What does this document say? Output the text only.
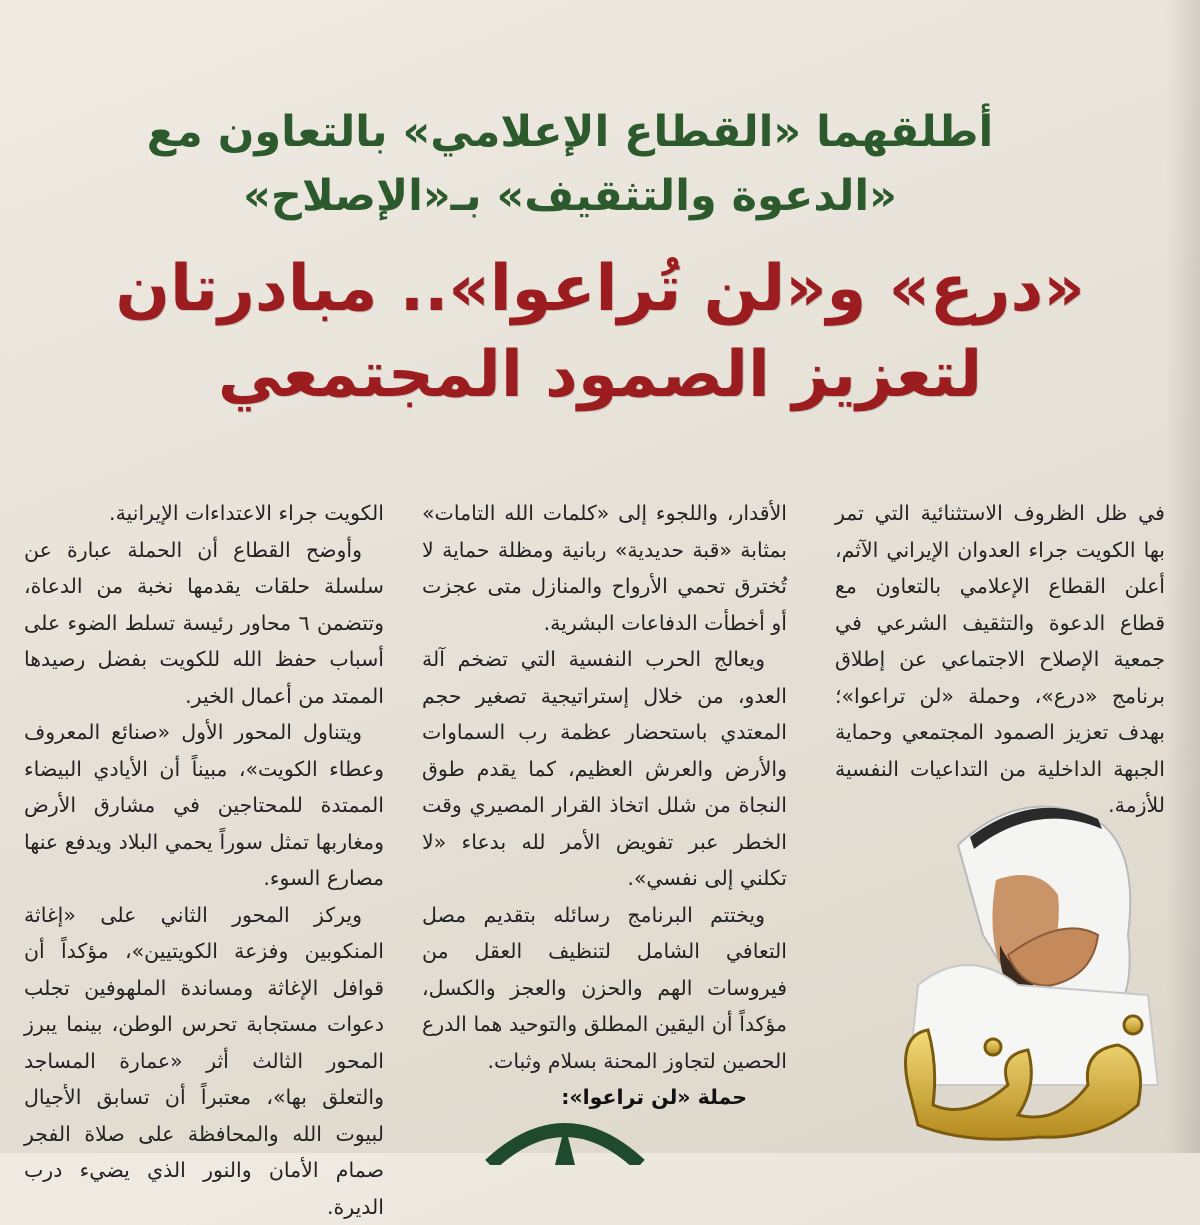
أطلقهما «القطاع الإعلامي» بالتعاون مع «الدعوة والتثقيف» بـ«الإصلاح»
«درع» و«لن تُراعوا».. مبادرتان لتعزيز الصمود المجتمعي

في ظل الظروف الاستثنائية التي تمر بها الكويت جراء العدوان الإيراني الآثم، أعلن القطاع الإعلامي بالتعاون مع قطاع الدعوة والتثقيف الشرعي في جمعية الإصلاح الاجتماعي عن إطلاق برنامج «درع»، وحملة «لن تراعوا»؛ بهدف تعزيز الصمود المجتمعي وحماية الجبهة الداخلية من التداعيات النفسية للأزمة.

الأقدار، واللجوء إلى «كلمات الله التامات» بمثابة «قبة حديدية» ربانية ومظلة حماية لا تُخترق تحمي الأرواح والمنازل متى عجزت أو أخطأت الدفاعات البشرية.

ويعالج الحرب النفسية التي تضخم آلة العدو، من خلال إستراتيجية تصغير حجم المعتدي باستحضار عظمة رب السماوات والأرض والعرش العظيم، كما يقدم طوق النجاة من شلل اتخاذ القرار المصيري وقت الخطر عبر تفويض الأمر لله بدعاء «لا تكلني إلى نفسي».

ويختتم البرنامج رسائله بتقديم مصل التعافي الشامل لتنظيف العقل من فيروسات الهم والحزن والعجز والكسل، مؤكداً أن اليقين المطلق والتوحيد هما الدرع الحصين لتجاوز المحنة بسلام وثبات.

حملة «لن تراعوا»:

الكويت جراء الاعتداءات الإيرانية.

وأوضح القطاع أن الحملة عبارة عن سلسلة حلقات يقدمها نخبة من الدعاة، وتتضمن ٦ محاور رئيسة تسلط الضوء على أسباب حفظ الله للكويت بفضل رصيدها الممتد من أعمال الخير.

ويتناول المحور الأول «صنائع المعروف وعطاء الكويت»، مبيناً أن الأيادي البيضاء الممتدة للمحتاجين في مشارق الأرض ومغاربها تمثل سوراً يحمي البلاد ويدفع عنها مصارع السوء.

ويركز المحور الثاني على «إغاثة المنكوبين وفزعة الكويتيين»، مؤكداً أن قوافل الإغاثة ومساندة الملهوفين تجلب دعوات مستجابة تحرس الوطن، بينما يبرز المحور الثالث أثر «عمارة المساجد والتعلق بها»، معتبراً أن تسابق الأجيال لبيوت الله والمحافظة على صلاة الفجر صمام الأمان والنور الذي يضيء درب الديرة.
